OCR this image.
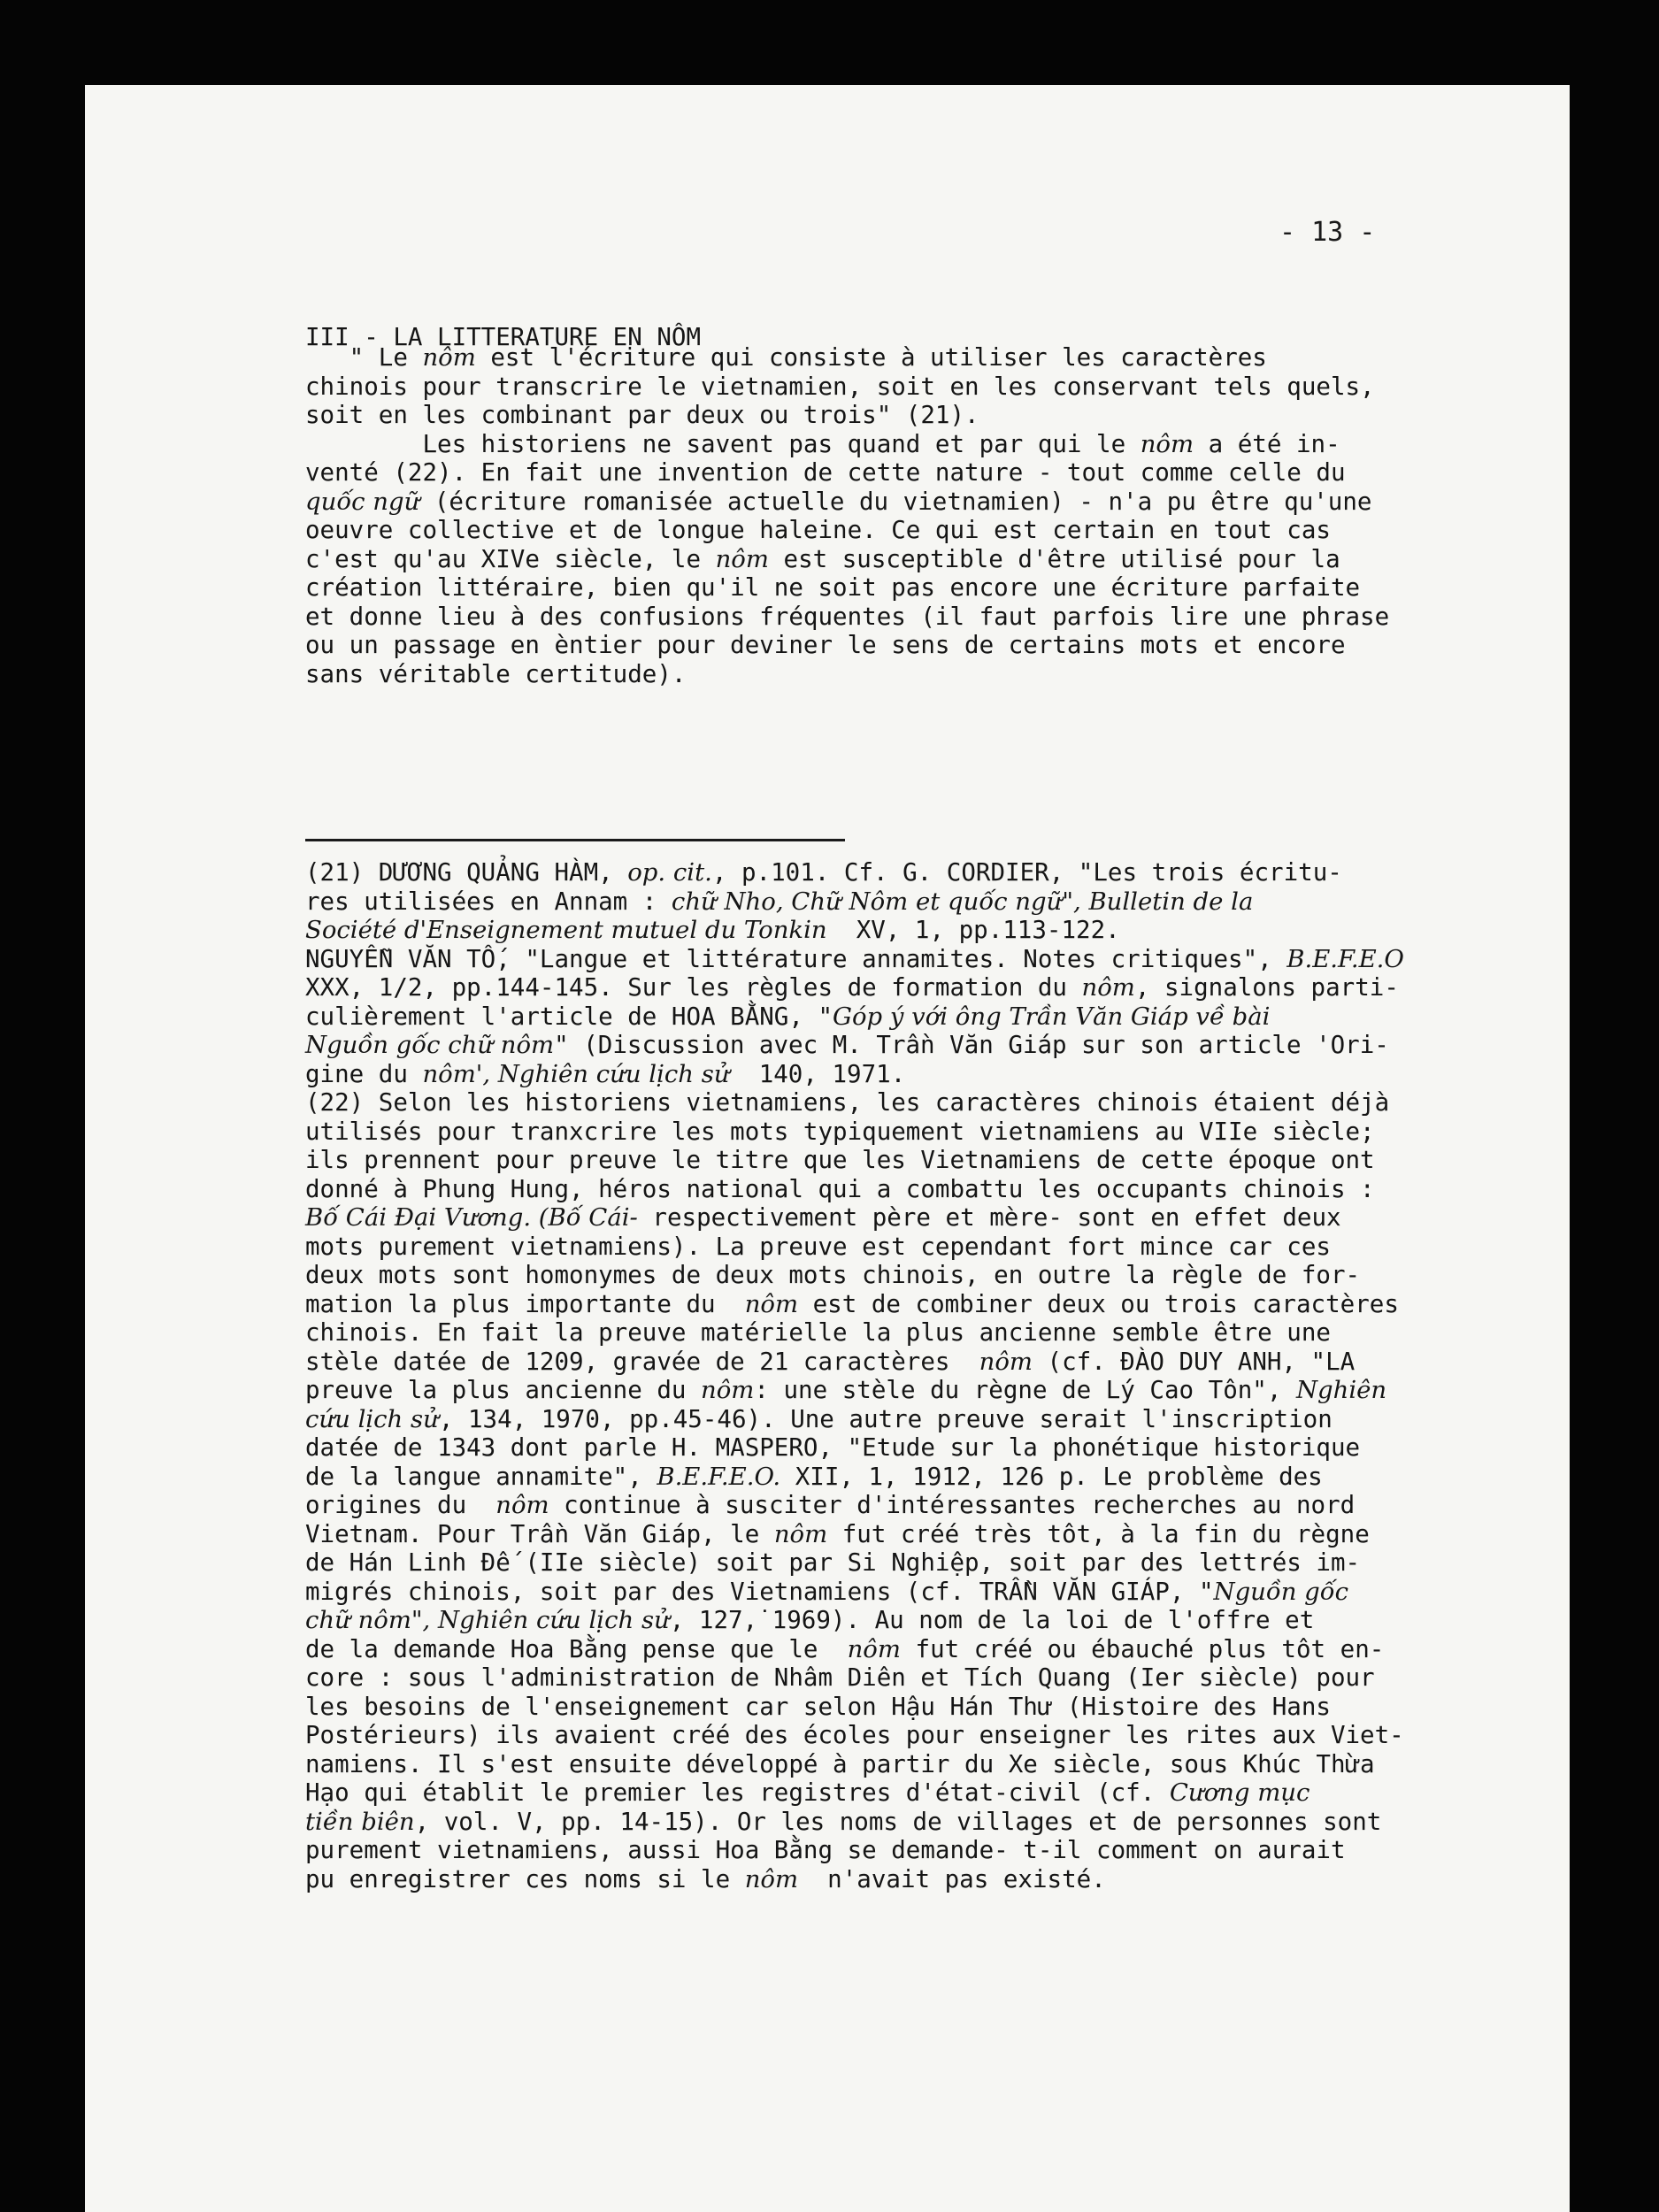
- 13 -
III - LA LITTERATURE EN NÔM
" Le nôm est l'écriture qui consiste à utiliser les caractères
chinois pour transcrire le vietnamien, soit en les conservant tels quels,
soit en les combinant par deux ou trois" (21).
Les historiens ne savent pas quand et par qui le nôm a été in-
venté (22). En fait une invention de cette nature - tout comme celle du
quốc ngữ (écriture romanisée actuelle du vietnamien) - n'a pu être qu'une
oeuvre collective et de longue haleine. Ce qui est certain en tout cas
c'est qu'au XIVe siècle, le nôm est susceptible d'être utilisé pour la
création littéraire, bien qu'il ne soit pas encore une écriture parfaite
et donne lieu à des confusions fréquentes (il faut parfois lire une phrase
ou un passage en èntier pour deviner le sens de certains mots et encore
sans véritable certitude).
(21) DƯƠNG QUẢNG HÀM, op. cit., p.101. Cf. G. CORDIER, "Les trois écritu-
res utilisées en Annam : chữ Nho, Chữ Nôm et quốc ngữ", Bulletin de la
Société d'Enseignement mutuel du Tonkin  XV, 1, pp.113-122.
NGUYỄN VĂN TỐ, "Langue et littérature annamites. Notes critiques", B.E.F.E.O
XXX, 1/2, pp.144-145. Sur les règles de formation du nôm, signalons parti-
culièrement l'article de HOA BẰNG, "Góp ý với ông Trần Văn Giáp về bài
Nguồn gốc chữ nôm" (Discussion avec M. Trần Văn Giáp sur son article 'Ori-
gine du nôm', Nghiên cứu lịch sử  140, 1971.
(22) Selon les historiens vietnamiens, les caractères chinois étaient déjà
utilisés pour tranxcrire les mots typiquement vietnamiens au VIIe siècle;
ils prennent pour preuve le titre que les Vietnamiens de cette époque ont
donné à Phung Hung, héros national qui a combattu les occupants chinois :
Bố Cái Đại Vương. (Bố Cái- respectivement père et mère- sont en effet deux
mots purement vietnamiens). La preuve est cependant fort mince car ces
deux mots sont homonymes de deux mots chinois, en outre la règle de for-
mation la plus importante du  nôm est de combiner deux ou trois caractères
chinois. En fait la preuve matérielle la plus ancienne semble être une
stèle datée de 1209, gravée de 21 caractères  nôm (cf. ĐÀO DUY ANH, "LA
preuve la plus ancienne du nôm: une stèle du règne de Lý Cao Tôn", Nghiên
cứu lịch sử, 134, 1970, pp.45-46). Une autre preuve serait l'inscription
datée de 1343 dont parle H. MASPERO, "Etude sur la phonétique historique
de la langue annamite", B.E.F.E.O. XII, 1, 1912, 126 p. Le problème des
origines du  nôm continue à susciter d'intéressantes recherches au nord
Vietnam. Pour Trần Văn Giáp, le nôm fut créé très tôt, à la fin du règne
de Hán Linh Đế (IIe siècle) soit par Si Nghiệp, soit par des lettrés im-
migrés chinois, soit par des Vietnamiens (cf. TRẦN VĂN GIÁP, "Nguồn gốc
chữ nôm", Nghiên cứu lịch sử, 127,˙1969). Au nom de la loi de l'offre et
de la demande Hoa Bằng pense que le  nôm fut créé ou ébauché plus tôt en-
core : sous l'administration de Nhâm Diên et Tích Quang (Ier siècle) pour
les besoins de l'enseignement car selon Hậu Hán Thư (Histoire des Hans
Postérieurs) ils avaient créé des écoles pour enseigner les rites aux Viet-
namiens. Il s'est ensuite développé à partir du Xe siècle, sous Khúc Thừa
Hạo qui établit le premier les registres d'état-civil (cf. Cương mục
tiền biên, vol. V, pp. 14-15). Or les noms de villages et de personnes sont
purement vietnamiens, aussi Hoa Bằng se demande- t-il comment on aurait
pu enregistrer ces noms si le nôm  n'avait pas existé.
